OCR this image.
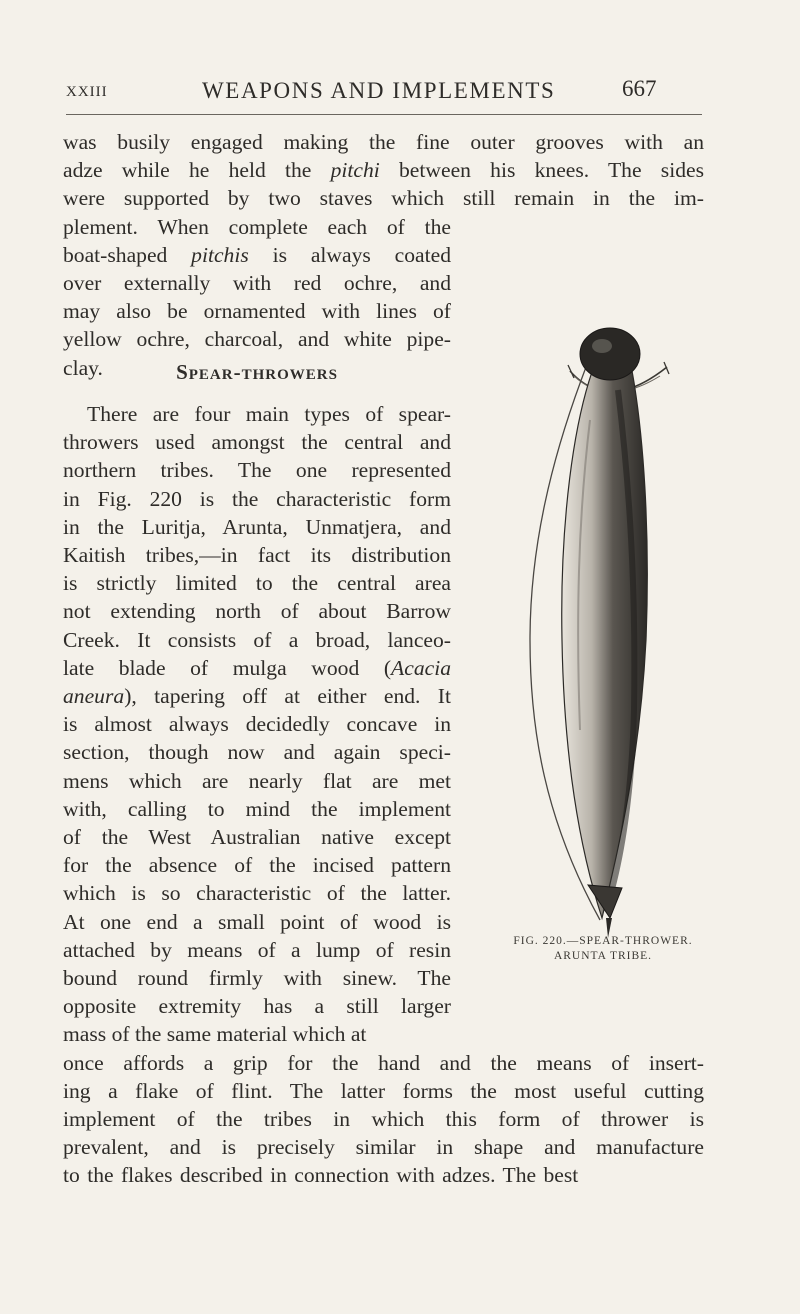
XXIII	WEAPONS AND IMPLEMENTS	667
was busily engaged making the fine outer grooves with an
adze while he held the pitchi between his knees. The sides
were supported by two staves which still remain in the im-
plement. When complete each of the
boat-shaped pitchis is always coated
over externally with red ochre, and
may also be ornamented with lines of
yellow ochre, charcoal, and white pipe-
clay.	Spear-throwers
There are four main types of spear-
throwers used amongst the central and
northern tribes. The one represented
in Fig. 220 is the characteristic form
in the Luritja, Arunta, Unmatjera, and
Kaitish tribes,—in fact its distribution
is strictly limited to the central area
not extending north of about Barrow
Creek. It consists of a broad, lanceo-
late blade of mulga wood (Acacia
aneura), tapering off at either end. It
is almost always decidedly concave in
section, though now and again speci-
mens which are nearly flat are met
with, calling to mind the implement
of the West Australian native except
for the absence of the incised pattern
which is so characteristic of the latter.
At one end a small point of wood is
attached by means of a lump of resin
bound round firmly with sinew. The
opposite extremity has a still larger
mass of the same material which at
once affords a grip for the hand and the means of insert-
ing a flake of flint. The latter forms the most useful cutting
implement of the tribes in which this form of thrower is
prevalent, and is precisely similar in shape and manufacture
to the flakes described in connection with adzes. The best
FIG. 220.—SPEAR-THROWER.
ARUNTA TRIBE.
